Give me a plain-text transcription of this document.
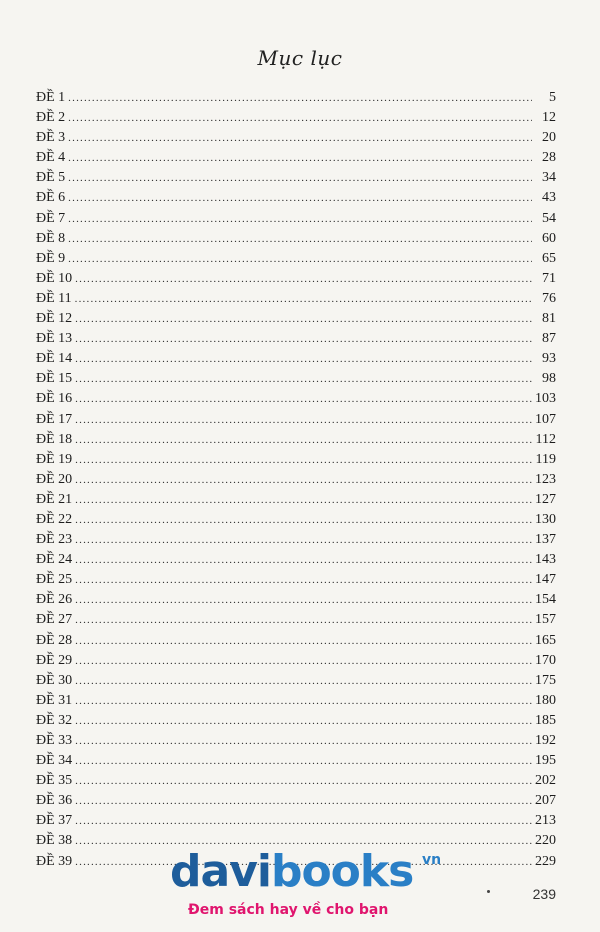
Mục lục
ĐỀ 1 .....	5
ĐỀ 2 .....	12
ĐỀ 3 .....	20
ĐỀ 4 .....	28
ĐỀ 5 .....	34
ĐỀ 6 .....	43
ĐỀ 7 .....	54
ĐỀ 8 .....	60
ĐỀ 9 .....	65
ĐỀ 10 .....	71
ĐỀ 11 .....	76
ĐỀ 12 .....	81
ĐỀ 13 .....	87
ĐỀ 14 .....	93
ĐỀ 15 .....	98
ĐỀ 16 .....	103
ĐỀ 17 .....	107
ĐỀ 18 .....	112
ĐỀ 19 .....	119
ĐỀ 20 .....	123
ĐỀ 21 .....	127
ĐỀ 22 .....	130
ĐỀ 23 .....	137
ĐỀ 24 .....	143
ĐỀ 25 .....	147
ĐỀ 26 .....	154
ĐỀ 27 .....	157
ĐỀ 28 .....	165
ĐỀ 29 .....	170
ĐỀ 30 .....	175
ĐỀ 31 .....	180
ĐỀ 32 .....	185
ĐỀ 33 .....	192
ĐỀ 34 .....	195
ĐỀ 35 .....	202
ĐỀ 36 .....	207
ĐỀ 37 .....	213
ĐỀ 38 .....	220
ĐỀ 39 .....	229
davibooks vn
Đem sách hay về cho bạn
239
